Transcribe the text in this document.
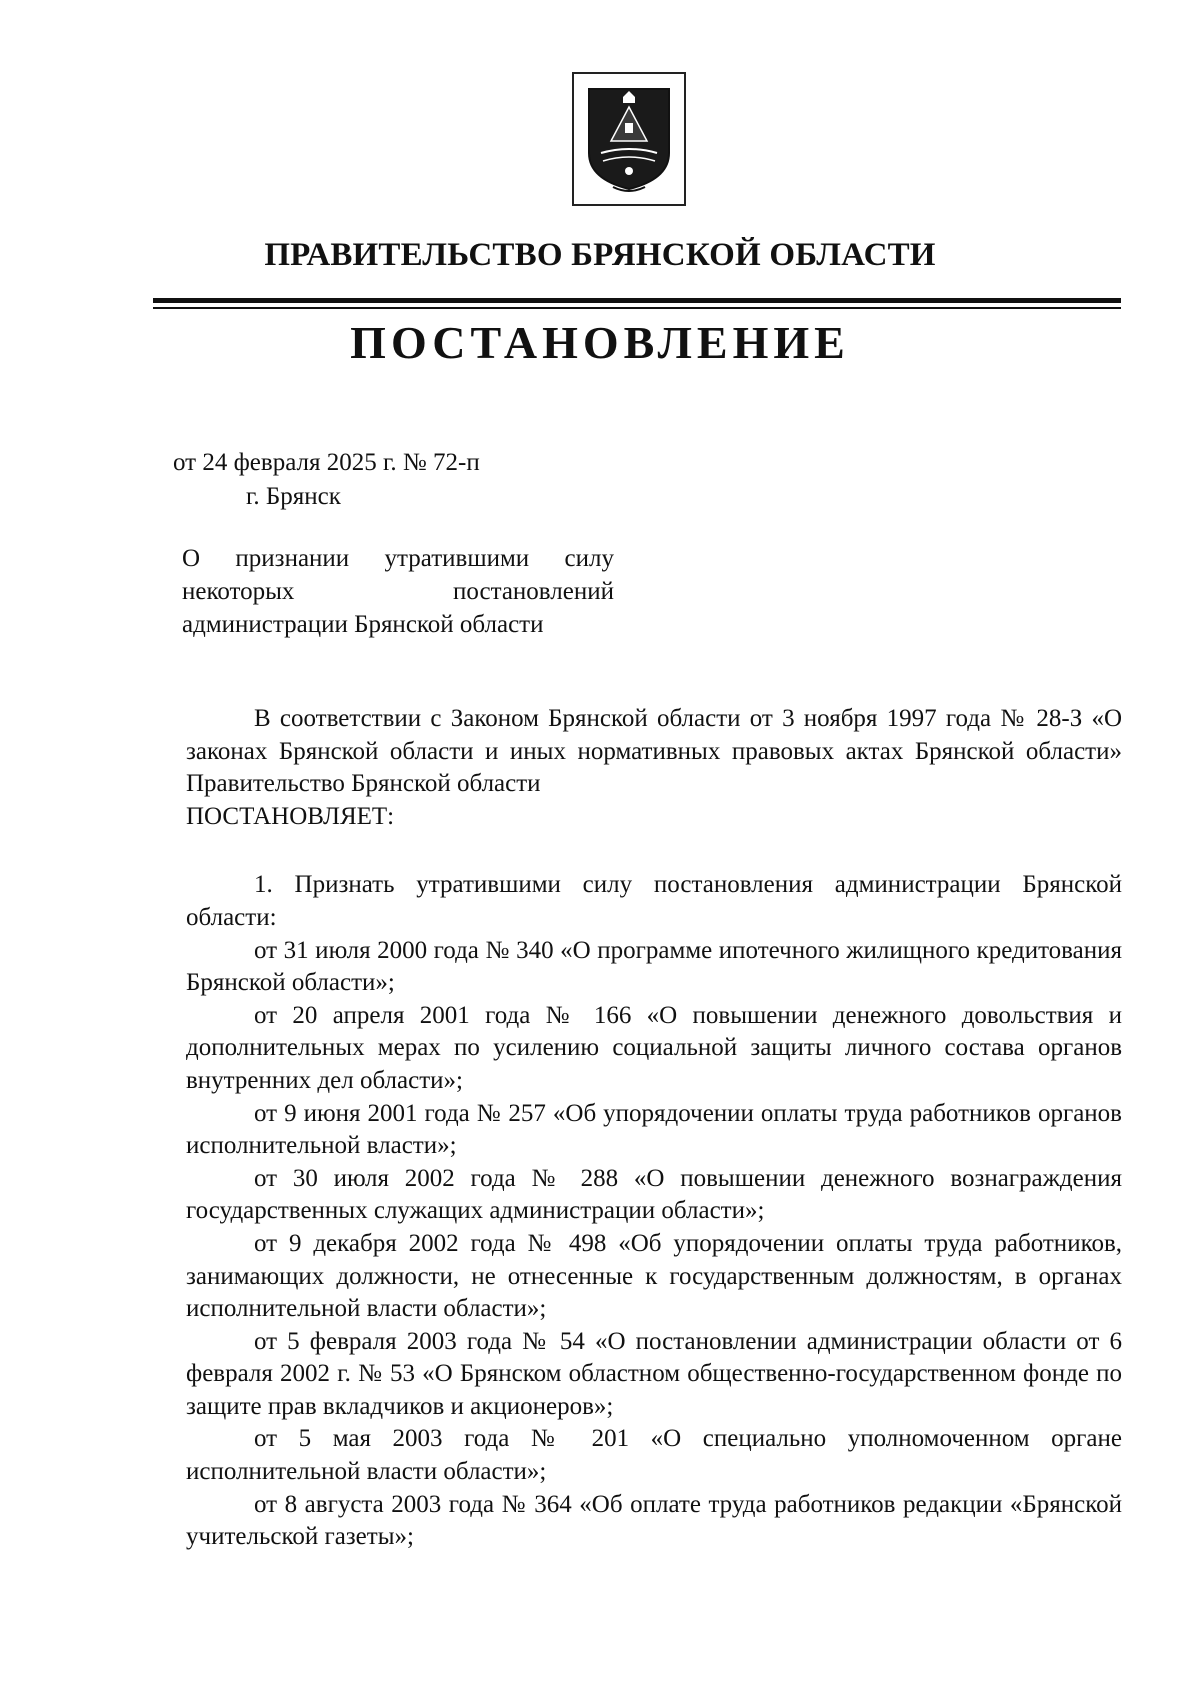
ПРАВИТЕЛЬСТВО БРЯНСКОЙ ОБЛАСТИ
ПОСТАНОВЛЕНИЕ
от 24 февраля 2025 г. № 72-п
г. Брянск
О признании утратившими силу некоторых постановлений администрации Брянской области

В соответствии с Законом Брянской области от 3 ноября 1997 года № 28-З «О законах Брянской области и иных нормативных правовых актах Брянской области» Правительство Брянской области

ПОСТАНОВЛЯЕТ:

1. Признать утратившими силу постановления администрации Брянской области:

от 31 июля 2000 года № 340 «О программе ипотечного жилищного кредитования Брянской области»;

от 20 апреля 2001 года № 166 «О повышении денежного довольствия и дополнительных мерах по усилению социальной защиты личного состава органов внутренних дел области»;

от 9 июня 2001 года № 257 «Об упорядочении оплаты труда работников органов исполнительной власти»;

от 30 июля 2002 года № 288 «О повышении денежного вознаграждения государственных служащих администрации области»;

от 9 декабря 2002 года № 498 «Об упорядочении оплаты труда работников, занимающих должности, не отнесенные к государственным должностям, в органах исполнительной власти области»;

от 5 февраля 2003 года № 54 «О постановлении администрации области от 6 февраля 2002 г. № 53 «О Брянском областном общественно-государственном фонде по защите прав вкладчиков и акционеров»;

от 5 мая 2003 года № 201 «О специально уполномоченном органе исполнительной власти области»;

от 8 августа 2003 года № 364 «Об оплате труда работников редакции «Брянской учительской газеты»;
